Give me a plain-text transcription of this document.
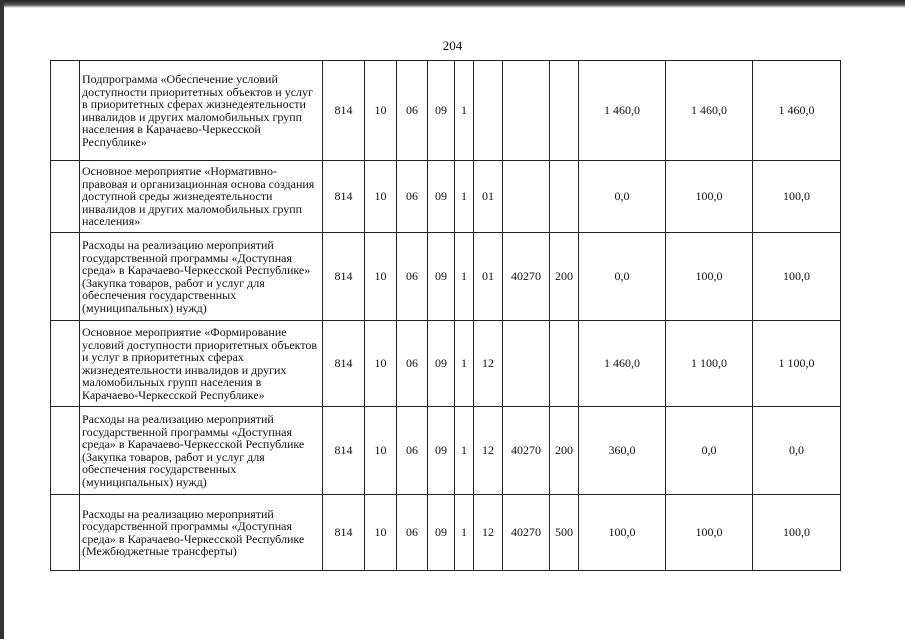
204
	Подпрограмма «Обеспечение условий доступности приоритетных объектов и услуг в приоритетных сферах жизнедеятельности инвалидов и других маломобильных групп населения в Карачаево-Черкесской Республике»	814	10	06	09	1				1 460,0	1 460,0	1 460,0
	Основное мероприятие «Нормативно-правовая и организационная основа создания доступной среды жизнедеятельности инвалидов и других маломобильных групп населения»	814	10	06	09	1	01			0,0	100,0	100,0
	Расходы на реализацию мероприятий государственной программы «Доступная среда» в Карачаево-Черкесской Республике» (Закупка товаров, работ и услуг для обеспечения государственных (муниципальных) нужд)	814	10	06	09	1	01	40270	200	0,0	100,0	100,0
	Основное мероприятие «Формирование условий доступности приоритетных объектов и услуг в приоритетных сферах жизнедеятельности инвалидов и других маломобильных групп населения в Карачаево-Черкесской Республике»	814	10	06	09	1	12			1 460,0	1 100,0	1 100,0
	Расходы на реализацию мероприятий государственной программы «Доступная среда» в Карачаево-Черкесской Республике (Закупка товаров, работ и услуг для обеспечения государственных (муниципальных) нужд)	814	10	06	09	1	12	40270	200	360,0	0,0	0,0
	Расходы на реализацию мероприятий государственной программы «Доступная среда» в Карачаево-Черкесской Республике (Межбюджетные трансферты)	814	10	06	09	1	12	40270	500	100,0	100,0	100,0
